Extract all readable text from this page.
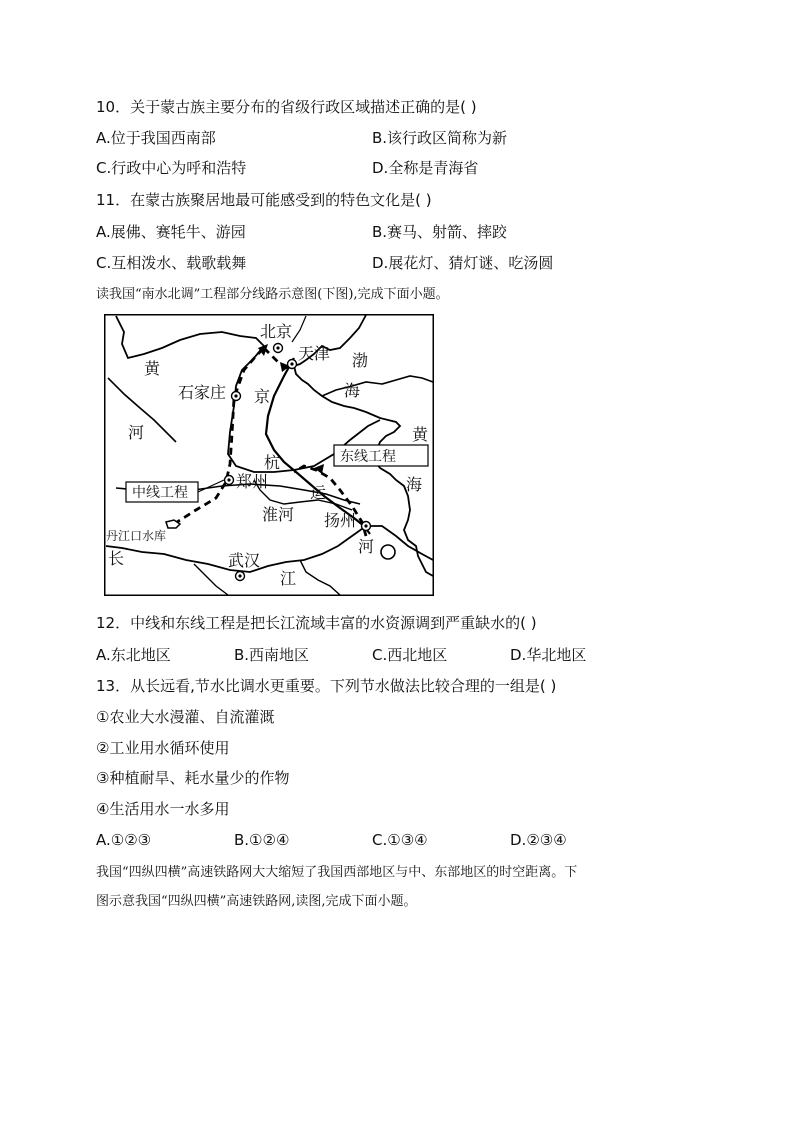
10．关于蒙古族主要分布的省级行政区域描述正确的是( )
A.位于我国西南部	B.该行政区简称为新
C.行政中心为呼和浩特	D.全称是青海省
11．在蒙古族聚居地最可能感受到的特色文化是( )
A.展佛、赛牦牛、游园	B.赛马、射箭、摔跤
C.互相泼水、载歌载舞	D.展花灯、猜灯谜、吃汤圆
读我国“南水北调”工程部分线路示意图(下图),完成下面小题。
北京
天津
石家庄
郑州
扬州
武汉
丹江口水库
淮河
黄
河
渤
海
黄
海
京
杭
运
河
长
江
中线工程
东线工程
12．中线和东线工程是把长江流域丰富的水资源调到严重缺水的( )
A.东北地区	B.西南地区	C.西北地区	D.华北地区
13．从长远看,节水比调水更重要。下列节水做法比较合理的一组是( )
①农业大水漫灌、自流灌溉
②工业用水循环使用
③种植耐旱、耗水量少的作物
④生活用水一水多用
A.①②③	B.①②④	C.①③④	D.②③④
我国“四纵四横”高速铁路网大大缩短了我国西部地区与中、东部地区的时空距离。下
图示意我国“四纵四横”高速铁路网,读图,完成下面小题。
